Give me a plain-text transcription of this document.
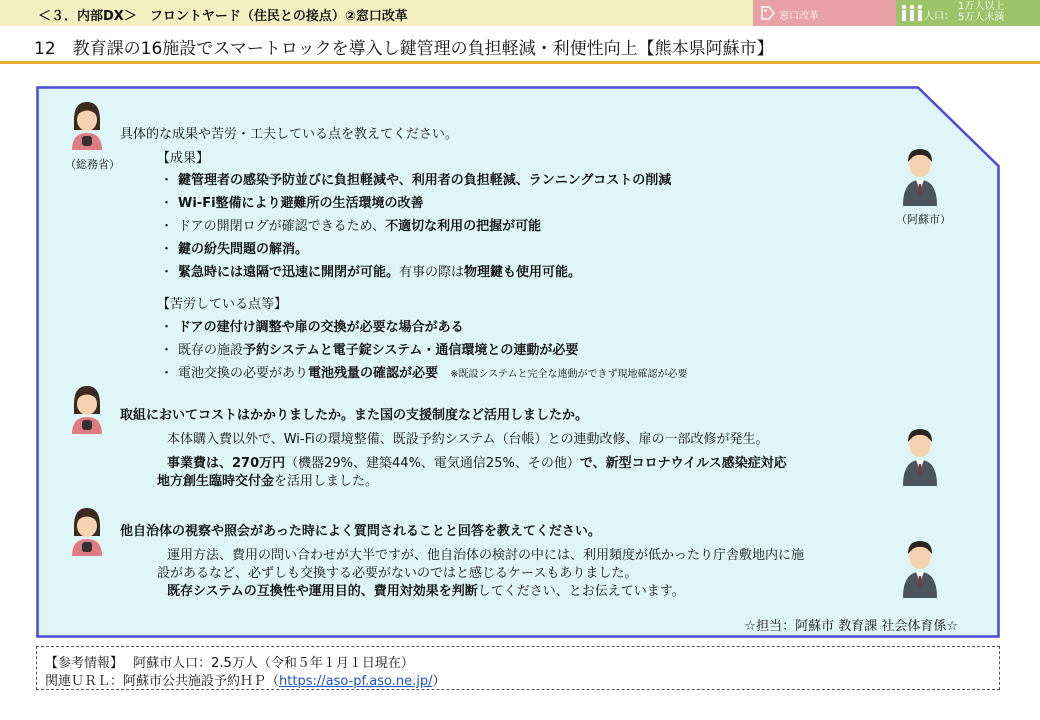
＜３．内部DX＞　フロントヤード（住民との接点）②窓口改革	窓口改革	人口：
1万人以上
5万人未満
12　教育課の16施設でスマートロックを導入し鍵管理の負担軽減・利便性向上【熊本県阿蘇市】
（総務省）
（阿蘇市）
具体的な成果や苦労・工夫している点を教えてください。
【成果】
・ 鍵管理者の感染予防並びに負担軽減や、利用者の負担軽減、ランニングコストの削減
・ Wi-Fi整備により避難所の生活環境の改善
・ ドアの開閉ログが確認できるため、不適切な利用の把握が可能
・ 鍵の紛失問題の解消。
・ 緊急時には遠隔で迅速に開閉が可能。有事の際は物理鍵も使用可能。
【苦労している点等】
・ ドアの建付け調整や扉の交換が必要な場合がある
・ 既存の施設予約システムと電子錠システム・通信環境との連動が必要
・ 電池交換の必要があり電池残量の確認が必要 ※既設システムと完全な連動ができず現地確認が必要
取組においてコストはかかりましたか。また国の支援制度など活用しましたか。
本体購入費以外で、Wi-Fiの環境整備、既設予約システム（台帳）との連動改修、扉の一部改修が発生。
事業費は、270万円（機器29%、建築44%、電気通信25%、その他）で、新型コロナウイルス感染症対応
地方創生臨時交付金を活用しました。
他自治体の視察や照会があった時によく質問されることと回答を教えてください。
運用方法、費用の問い合わせが大半ですが、他自治体の検討の中には、利用頻度が低かったり庁舎敷地内に施
設があるなど、必ずしも交換する必要がないのではと感じるケースもありました。
既存システムの互換性や運用目的、費用対効果を判断してください、とお伝えています。
☆担当：阿蘇市 教育課 社会体育係☆
【参考情報】 阿蘇市人口：2.5万人（令和５年１月１日現在）
関連ＵＲＬ：阿蘇市公共施設予約ＨＰ（https://aso-pf.aso.ne.jp/）
